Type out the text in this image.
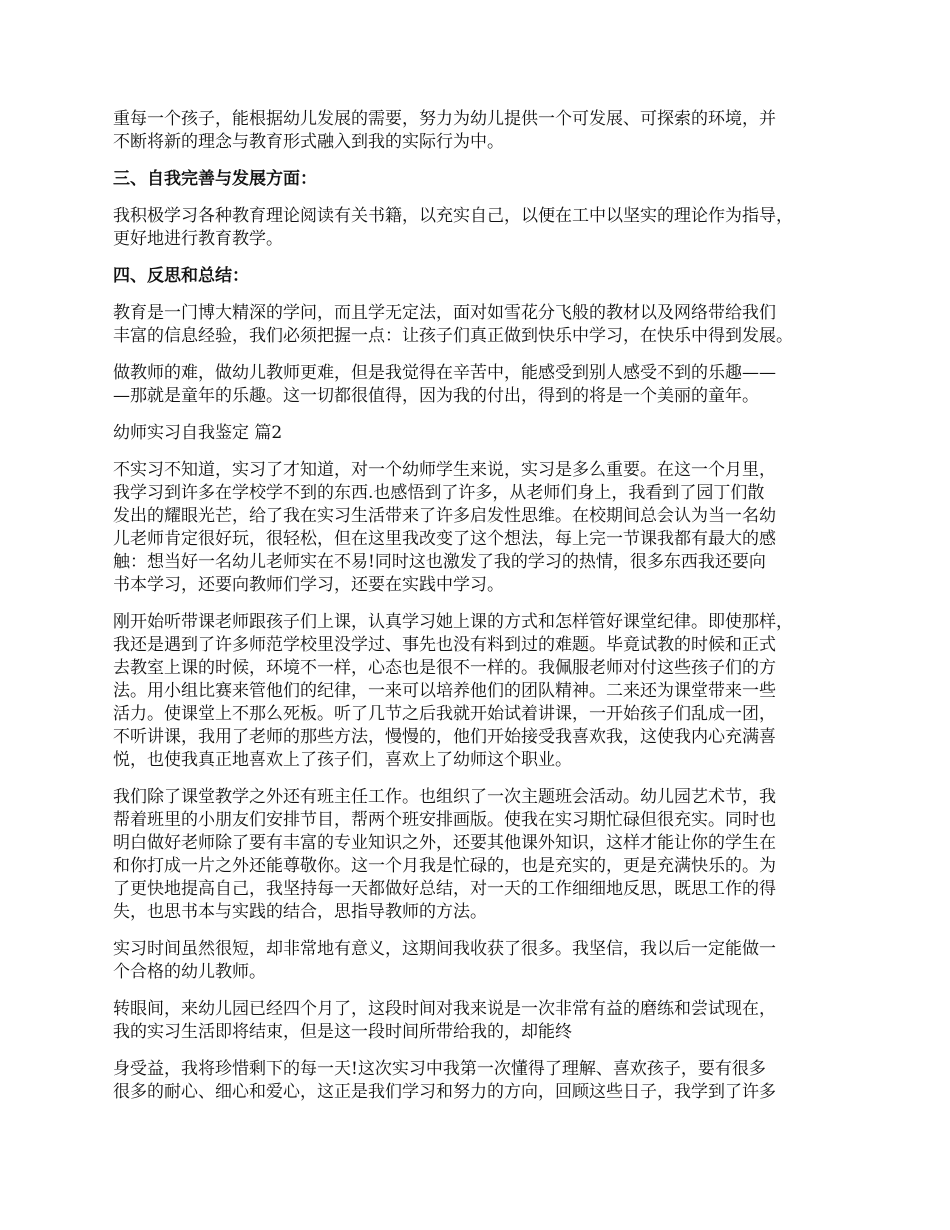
重每一个孩子，能根据幼儿发展的需要，努力为幼儿提供一个可发展、可探索的环境，并
不断将新的理念与教育形式融入到我的实际行为中。

三、自我完善与发展方面：

我积极学习各种教育理论阅读有关书籍，以充实自己，以便在工中以坚实的理论作为指导，
更好地进行教育教学。

四、反思和总结：

教育是一门博大精深的学问，而且学无定法，面对如雪花分飞般的教材以及网络带给我们
丰富的信息经验，我们必须把握一点：让孩子们真正做到快乐中学习，在快乐中得到发展。

做教师的难，做幼儿教师更难，但是我觉得在辛苦中，能感受到别人感受不到的乐趣——
—那就是童年的乐趣。这一切都很值得，因为我的付出，得到的将是一个美丽的童年。

幼师实习自我鉴定 篇2

不实习不知道，实习了才知道，对一个幼师学生来说，实习是多么重要。在这一个月里，
我学习到许多在学校学不到的东西.也感悟到了许多，从老师们身上，我看到了园丁们散
发出的耀眼光芒，给了我在实习生活带来了许多启发性思维。在校期间总会认为当一名幼
儿老师肯定很好玩，很轻松，但在这里我改变了这个想法，每上完一节课我都有最大的感
触：想当好一名幼儿老师实在不易!同时这也激发了我的学习的热情，很多东西我还要向
书本学习，还要向教师们学习，还要在实践中学习。

刚开始听带课老师跟孩子们上课，认真学习她上课的方式和怎样管好课堂纪律。即使那样，
我还是遇到了许多师范学校里没学过、事先也没有料到过的难题。毕竟试教的时候和正式
去教室上课的时候，环境不一样，心态也是很不一样的。我佩服老师对付这些孩子们的方
法。用小组比赛来管他们的纪律，一来可以培养他们的团队精神。二来还为课堂带来一些
活力。使课堂上不那么死板。听了几节之后我就开始试着讲课，一开始孩子们乱成一团，
不听讲课，我用了老师的那些方法，慢慢的，他们开始接受我喜欢我，这使我内心充满喜
悦，也使我真正地喜欢上了孩子们，喜欢上了幼师这个职业。

我们除了课堂教学之外还有班主任工作。也组织了一次主题班会活动。幼儿园艺术节，我
帮着班里的小朋友们安排节目，帮两个班安排画版。使我在实习期忙碌但很充实。同时也
明白做好老师除了要有丰富的专业知识之外，还要其他课外知识，这样才能让你的学生在
和你打成一片之外还能尊敬你。这一个月我是忙碌的，也是充实的，更是充满快乐的。为
了更快地提高自己，我坚持每一天都做好总结，对一天的工作细细地反思，既思工作的得
失，也思书本与实践的结合，思指导教师的方法。

实习时间虽然很短，却非常地有意义，这期间我收获了很多。我坚信，我以后一定能做一
个合格的幼儿教师。

转眼间，来幼儿园已经四个月了，这段时间对我来说是一次非常有益的磨练和尝试现在，
我的实习生活即将结束，但是这一段时间所带给我的，却能终

身受益，我将珍惜剩下的每一天!这次实习中我第一次懂得了理解、喜欢孩子，要有很多
很多的耐心、细心和爱心，这正是我们学习和努力的方向，回顾这些日子，我学到了许多
